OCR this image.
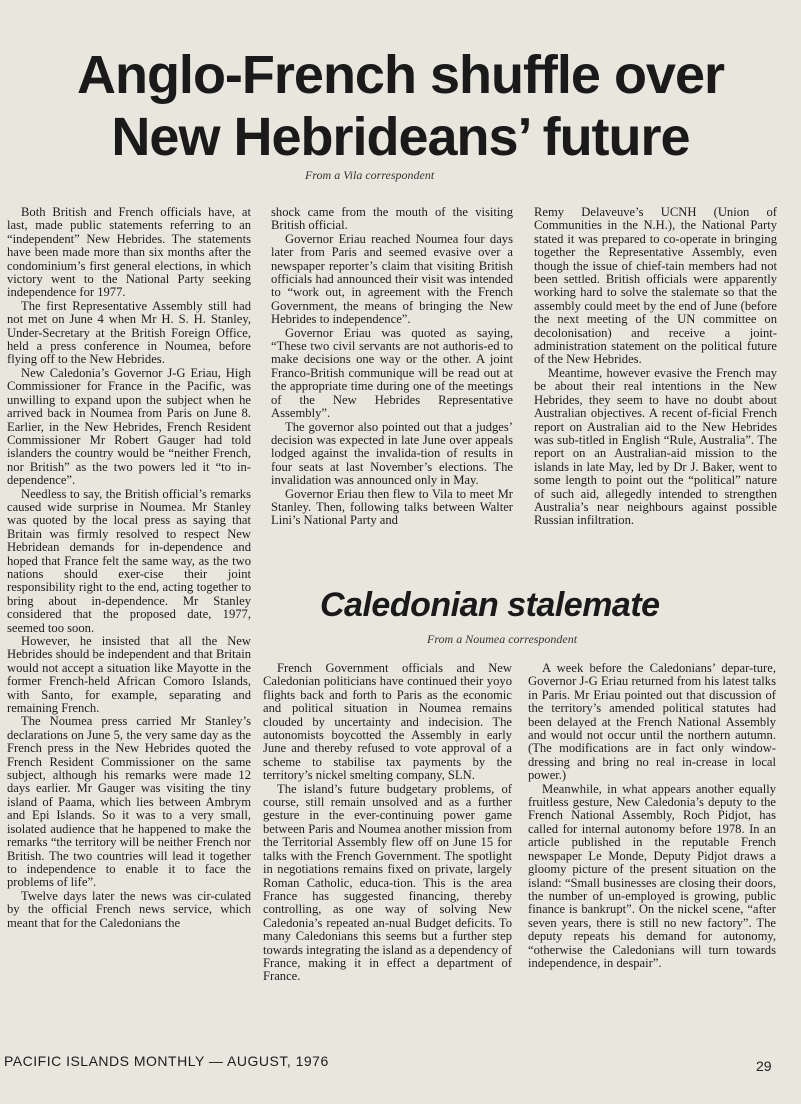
Anglo-French shuffle over
New Hebrideans’ future
From a Vila correspondent

Both British and French officials have, at last, made public statements referring to an “independent” New Hebrides. The statements have been made more than six months after the condominium’s first general elections, in which victory went to the National Party seeking independence for 1977.

The first Representative Assembly still had not met on June 4 when Mr H. S. H. Stanley, Under-Secretary at the British Foreign Office, held a press conference in Noumea, before flying off to the New Hebrides.

New Caledonia’s Governor J-G Eriau, High Commissioner for France in the Pacific, was unwilling to expand upon the subject when he arrived back in Noumea from Paris on June 8. Earlier, in the New Hebrides, French Resident Commissioner Mr Robert Gauger had told islanders the country would be “neither French, nor British” as the two powers led it “to in-dependence”.

Needless to say, the British official’s remarks caused wide surprise in Noumea. Mr Stanley was quoted by the local press as saying that Britain was firmly resolved to respect New Hebridean demands for in-dependence and hoped that France felt the same way, as the two nations should exer-cise their joint responsibility right to the end, acting together to bring about in-dependence. Mr Stanley considered that the proposed date, 1977, seemed too soon.

However, he insisted that all the New Hebrides should be independent and that Britain would not accept a situation like Mayotte in the former French-held African Comoro Islands, with Santo, for example, separating and remaining French.

The Noumea press carried Mr Stanley’s declarations on June 5, the very same day as the French press in the New Hebrides quoted the French Resident Commissioner on the same subject, although his remarks were made 12 days earlier. Mr Gauger was visiting the tiny island of Paama, which lies between Ambrym and Epi Islands. So it was to a very small, isolated audience that he happened to make the remarks “the territory will be neither French nor British. The two countries will lead it together to independence to enable it to face the problems of life”.

Twelve days later the news was cir-culated by the official French news service, which meant that for the Caledonians the

shock came from the mouth of the visiting British official.

Governor Eriau reached Noumea four days later from Paris and seemed evasive over a newspaper reporter’s claim that visiting British officials had announced their visit was intended to “work out, in agreement with the French Government, the means of bringing the New Hebrides to independence”.

Governor Eriau was quoted as saying, “These two civil servants are not authoris-ed to make decisions one way or the other. A joint Franco-British communique will be read out at the appropriate time during one of the meetings of the New Hebrides Representative Assembly”.

The governor also pointed out that a judges’ decision was expected in late June over appeals lodged against the invalida-tion of results in four seats at last November’s elections. The invalidation was announced only in May.

Governor Eriau then flew to Vila to meet Mr Stanley. Then, following talks between Walter Lini’s National Party and

Remy Delaveuve’s UCNH (Union of Communities in the N.H.), the National Party stated it was prepared to co-operate in bringing together the Representative Assembly, even though the issue of chief-tain members had not been settled. British officials were apparently working hard to solve the stalemate so that the assembly could meet by the end of June (before the next meeting of the UN committee on decolonisation) and receive a joint-administration statement on the political future of the New Hebrides.

Meantime, however evasive the French may be about their real intentions in the New Hebrides, they seem to have no doubt about Australian objectives. A recent of-ficial French report on Australian aid to the New Hebrides was sub-titled in English “Rule, Australia”. The report on an Australian-aid mission to the islands in late May, led by Dr J. Baker, went to some length to point out the “political” nature of such aid, allegedly intended to strengthen Australia’s near neighbours against possible Russian infiltration.

Caledonian stalemate
From a Noumea correspondent

French Government officials and New Caledonian politicians have continued their yoyo flights back and forth to Paris as the economic and political situation in Noumea remains clouded by uncertainty and indecision. The autonomists boycotted the Assembly in early June and thereby refused to vote approval of a scheme to stabilise tax payments by the territory’s nickel smelting company, SLN.

The island’s future budgetary problems, of course, still remain unsolved and as a further gesture in the ever-continuing power game between Paris and Noumea another mission from the Territorial Assembly flew off on June 15 for talks with the French Government. The spotlight in negotiations remains fixed on private, largely Roman Catholic, educa-tion. This is the area France has suggested financing, thereby controlling, as one way of solving New Caledonia’s repeated an-nual Budget deficits. To many Caledonians this seems but a further step towards integrating the island as a dependency of France, making it in effect a department of France.

A week before the Caledonians’ depar-ture, Governor J-G Eriau returned from his latest talks in Paris. Mr Eriau pointed out that discussion of the territory’s amended political statutes had been delayed at the French National Assembly and would not occur until the northern autumn. (The modifications are in fact only window-dressing and bring no real in-crease in local power.)

Meanwhile, in what appears another equally fruitless gesture, New Caledonia’s deputy to the French National Assembly, Roch Pidjot, has called for internal autonomy before 1978. In an article published in the reputable French newspaper Le Monde, Deputy Pidjot draws a gloomy picture of the present situation on the island: “Small businesses are closing their doors, the number of un-employed is growing, public finance is bankrupt”. On the nickel scene, “after seven years, there is still no new factory”. The deputy repeats his demand for autonomy, “otherwise the Caledonians will turn towards independence, in despair”.

PACIFIC ISLANDS MONTHLY — AUGUST, 1976	29
